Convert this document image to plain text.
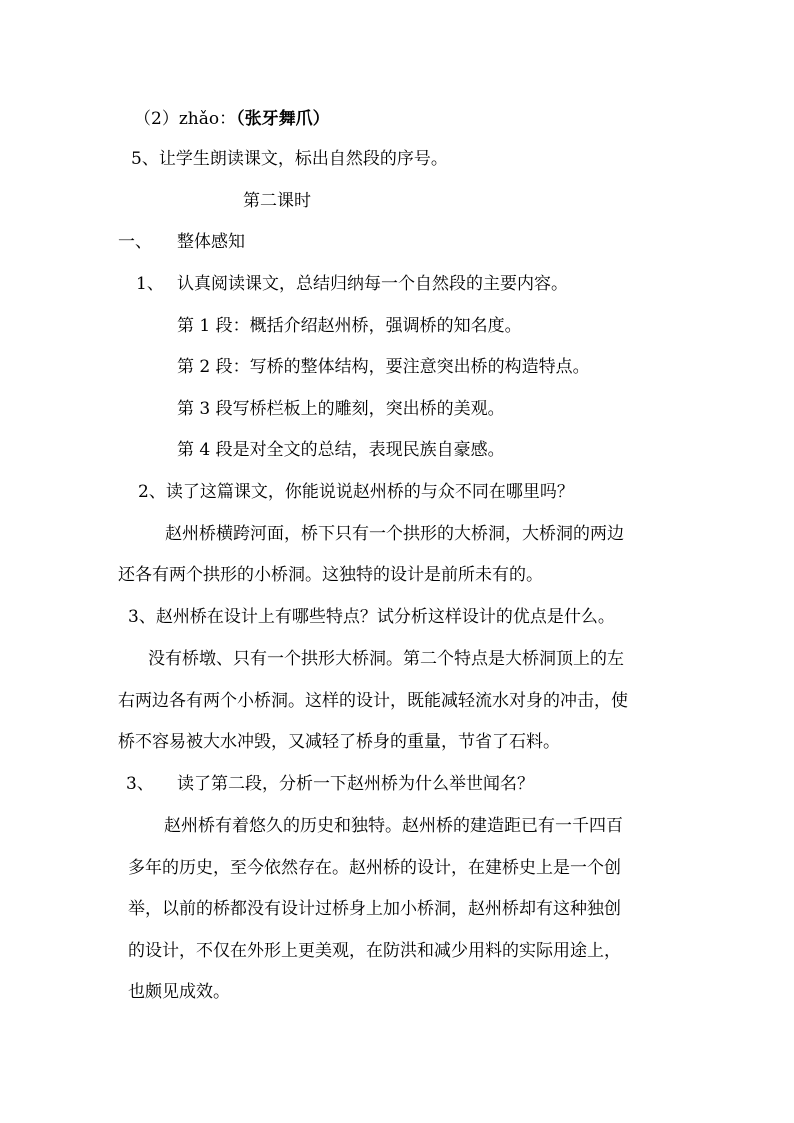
（2）zhǎo：（张牙舞爪）
5、让学生朗读课文，标出自然段的序号。
第二课时
一、 整体感知
1、 认真阅读课文，总结归纳每一个自然段的主要内容。
第 1 段：概括介绍赵州桥，强调桥的知名度。
第 2 段：写桥的整体结构，要注意突出桥的构造特点。
第 3 段写桥栏板上的雕刻，突出桥的美观。
第 4 段是对全文的总结，表现民族自豪感。
2、读了这篇课文，你能说说赵州桥的与众不同在哪里吗？
赵州桥横跨河面，桥下只有一个拱形的大桥洞，大桥洞的两边
还各有两个拱形的小桥洞。这独特的设计是前所未有的。
3、赵州桥在设计上有哪些特点？试分析这样设计的优点是什么。
没有桥墩、只有一个拱形大桥洞。第二个特点是大桥洞顶上的左
右两边各有两个小桥洞。这样的设计，既能减轻流水对身的冲击，使
桥不容易被大水冲毁，又减轻了桥身的重量，节省了石料。
3、 读了第二段，分析一下赵州桥为什么举世闻名？
赵州桥有着悠久的历史和独特。赵州桥的建造距已有一千四百
多年的历史，至今依然存在。赵州桥的设计，在建桥史上是一个创
举，以前的桥都没有设计过桥身上加小桥洞，赵州桥却有这种独创
的设计，不仅在外形上更美观，在防洪和减少用料的实际用途上，
也颇见成效。
